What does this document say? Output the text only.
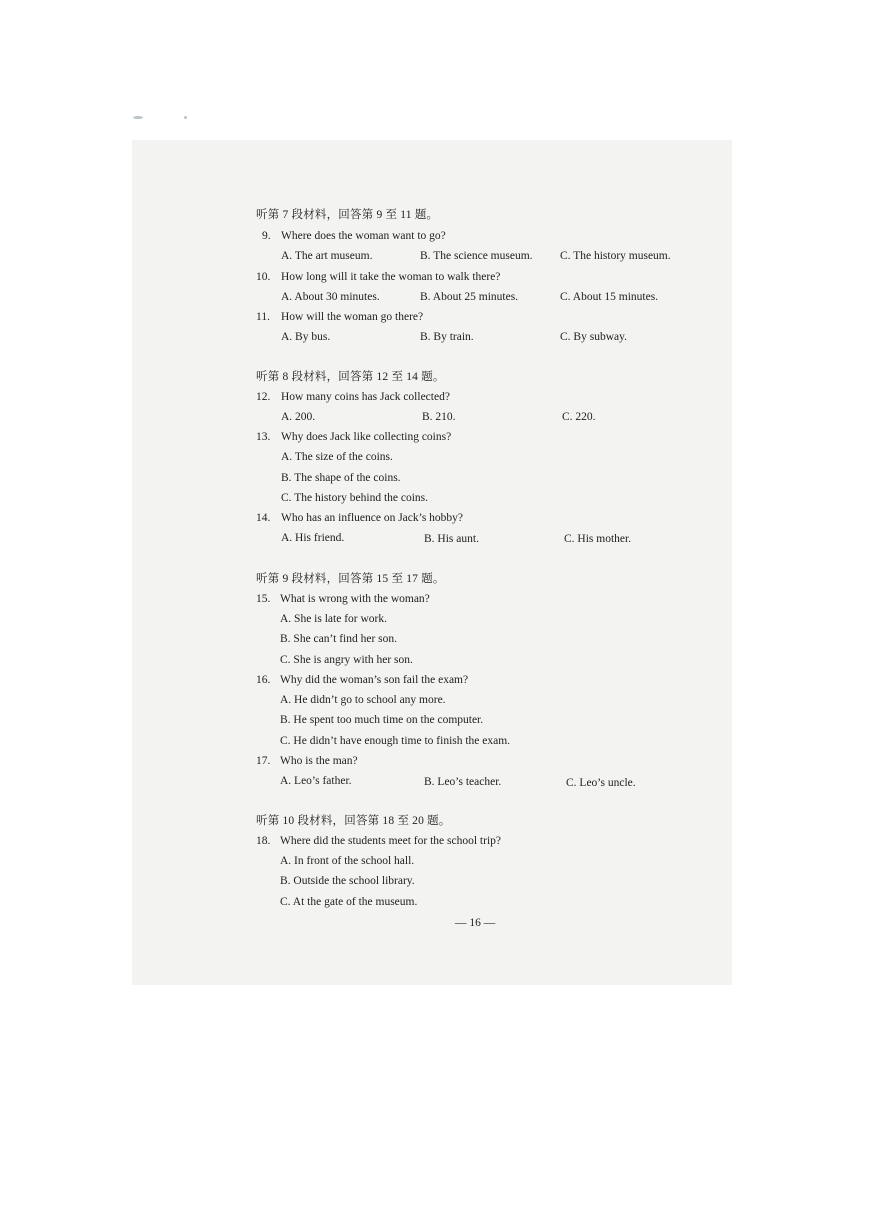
听第 7 段材料，回答第 9 至 11 题。
9. Where does the woman want to go?
A. The art museum.	B. The science museum. C. The history museum.
10. How long will it take the woman to walk there?
A. About 30 minutes.	B. About 25 minutes.	C. About 15 minutes.
11. How will the woman go there?
A. By bus.	B. By train.	C. By subway.
听第 8 段材料，回答第 12 至 14 题。
12. How many coins has Jack collected?
A. 200.	B. 210.	C. 220.
13. Why does Jack like collecting coins?
A. The size of the coins.
B. The shape of the coins.
C. The history behind the coins.
14. Who has an influence on Jack’s hobby?
A. His friend.	B. His aunt.	C. His mother.
听第 9 段材料，回答第 15 至 17 题。
15. What is wrong with the woman?
A. She is late for work.
B. She can’t find her son.
C. She is angry with her son.
16. Why did the woman’s son fail the exam?
A. He didn’t go to school any more.
B. He spent too much time on the computer.
C. He didn’t have enough time to finish the exam.
17. Who is the man?
A. Leo’s father.	B. Leo’s teacher.	C. Leo’s uncle.
听第 10 段材料，回答第 18 至 20 题。
18. Where did the students meet for the school trip?
A. In front of the school hall.
B. Outside the school library.
C. At the gate of the museum.
— 16 —
